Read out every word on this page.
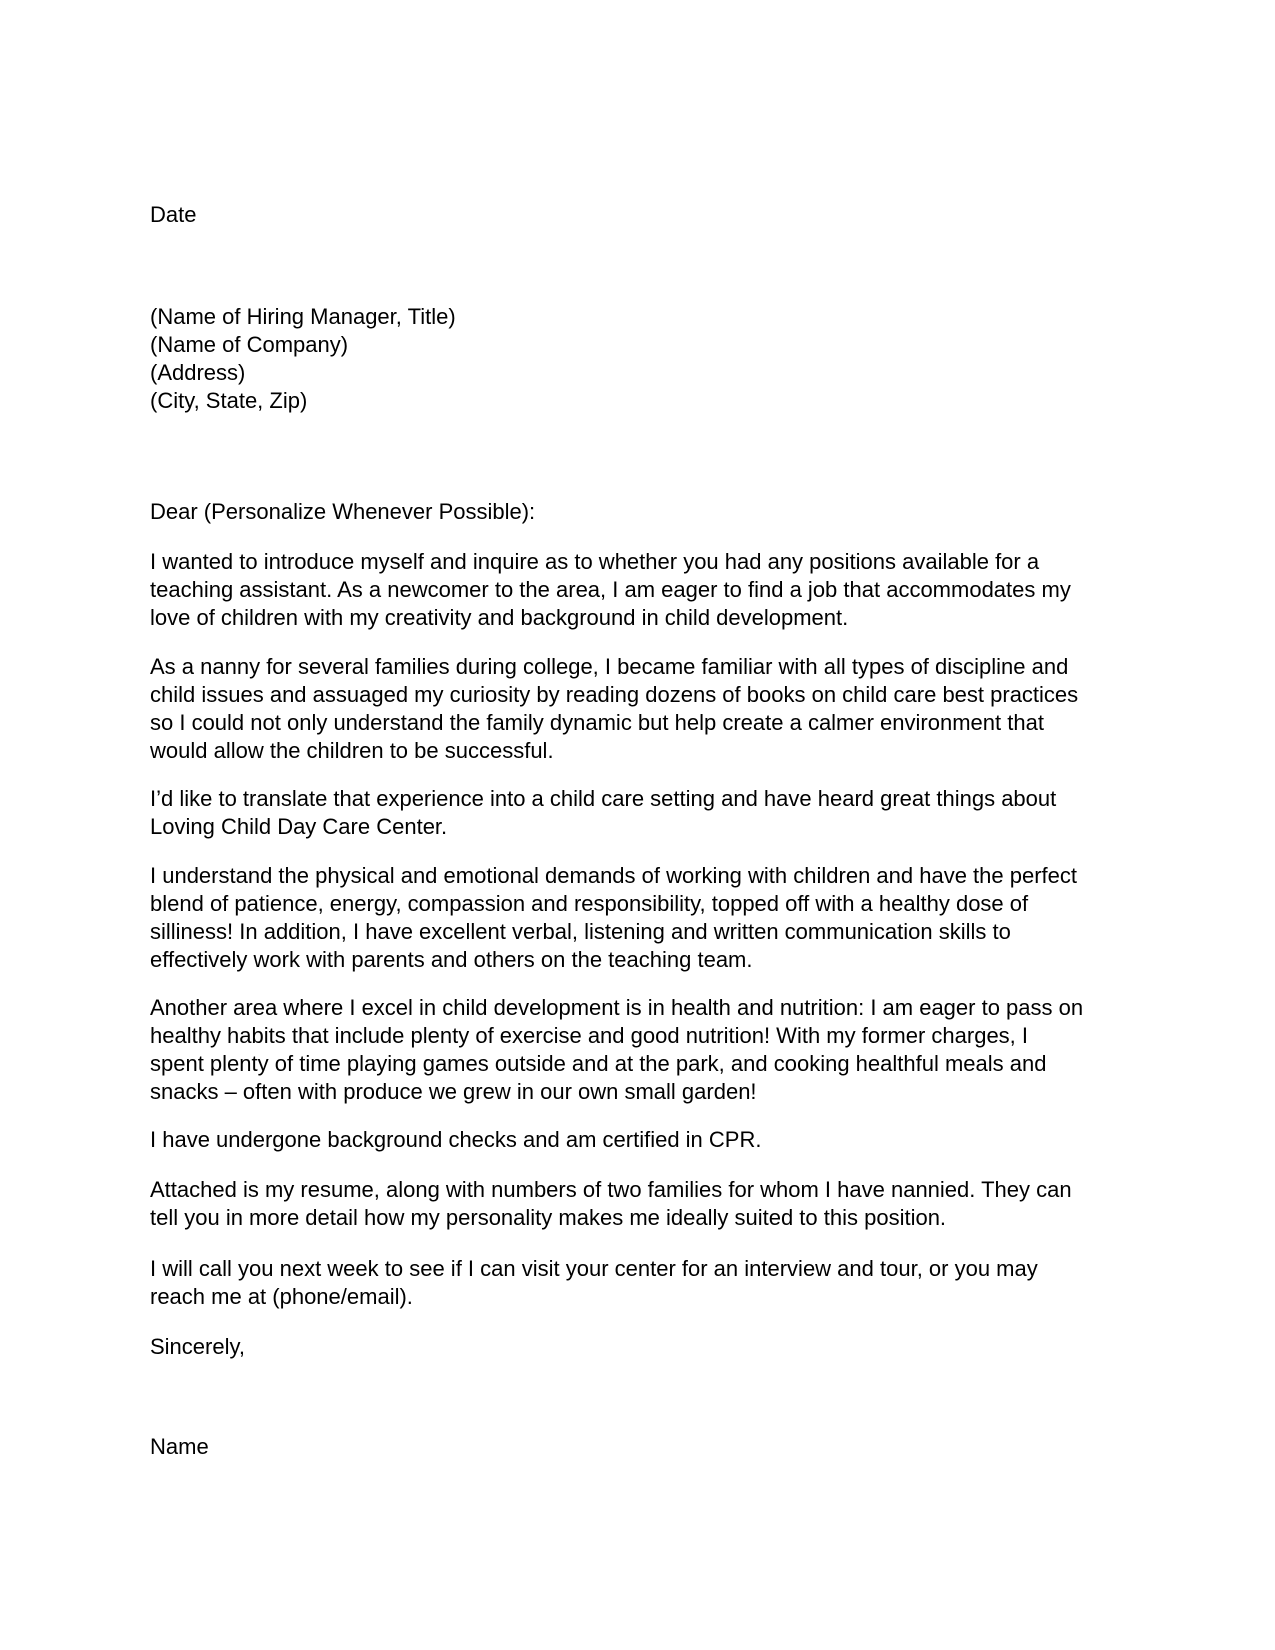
Date

(Name of Hiring Manager, Title)
(Name of Company)
(Address)
(City, State, Zip)

Dear (Personalize Whenever Possible):

I wanted to introduce myself and inquire as to whether you had any positions available for a
teaching assistant. As a newcomer to the area, I am eager to find a job that accommodates my
love of children with my creativity and background in child development.

As a nanny for several families during college, I became familiar with all types of discipline and
child issues and assuaged my curiosity by reading dozens of books on child care best practices
so I could not only understand the family dynamic but help create a calmer environment that
would allow the children to be successful.

I’d like to translate that experience into a child care setting and have heard great things about
Loving Child Day Care Center.

I understand the physical and emotional demands of working with children and have the perfect
blend of patience, energy, compassion and responsibility, topped off with a healthy dose of
silliness! In addition, I have excellent verbal, listening and written communication skills to
effectively work with parents and others on the teaching team.

Another area where I excel in child development is in health and nutrition: I am eager to pass on
healthy habits that include plenty of exercise and good nutrition! With my former charges, I
spent plenty of time playing games outside and at the park, and cooking healthful meals and
snacks – often with produce we grew in our own small garden!

I have undergone background checks and am certified in CPR.

Attached is my resume, along with numbers of two families for whom I have nannied. They can
tell you in more detail how my personality makes me ideally suited to this position.

I will call you next week to see if I can visit your center for an interview and tour, or you may
reach me at (phone/email).

Sincerely,

Name
